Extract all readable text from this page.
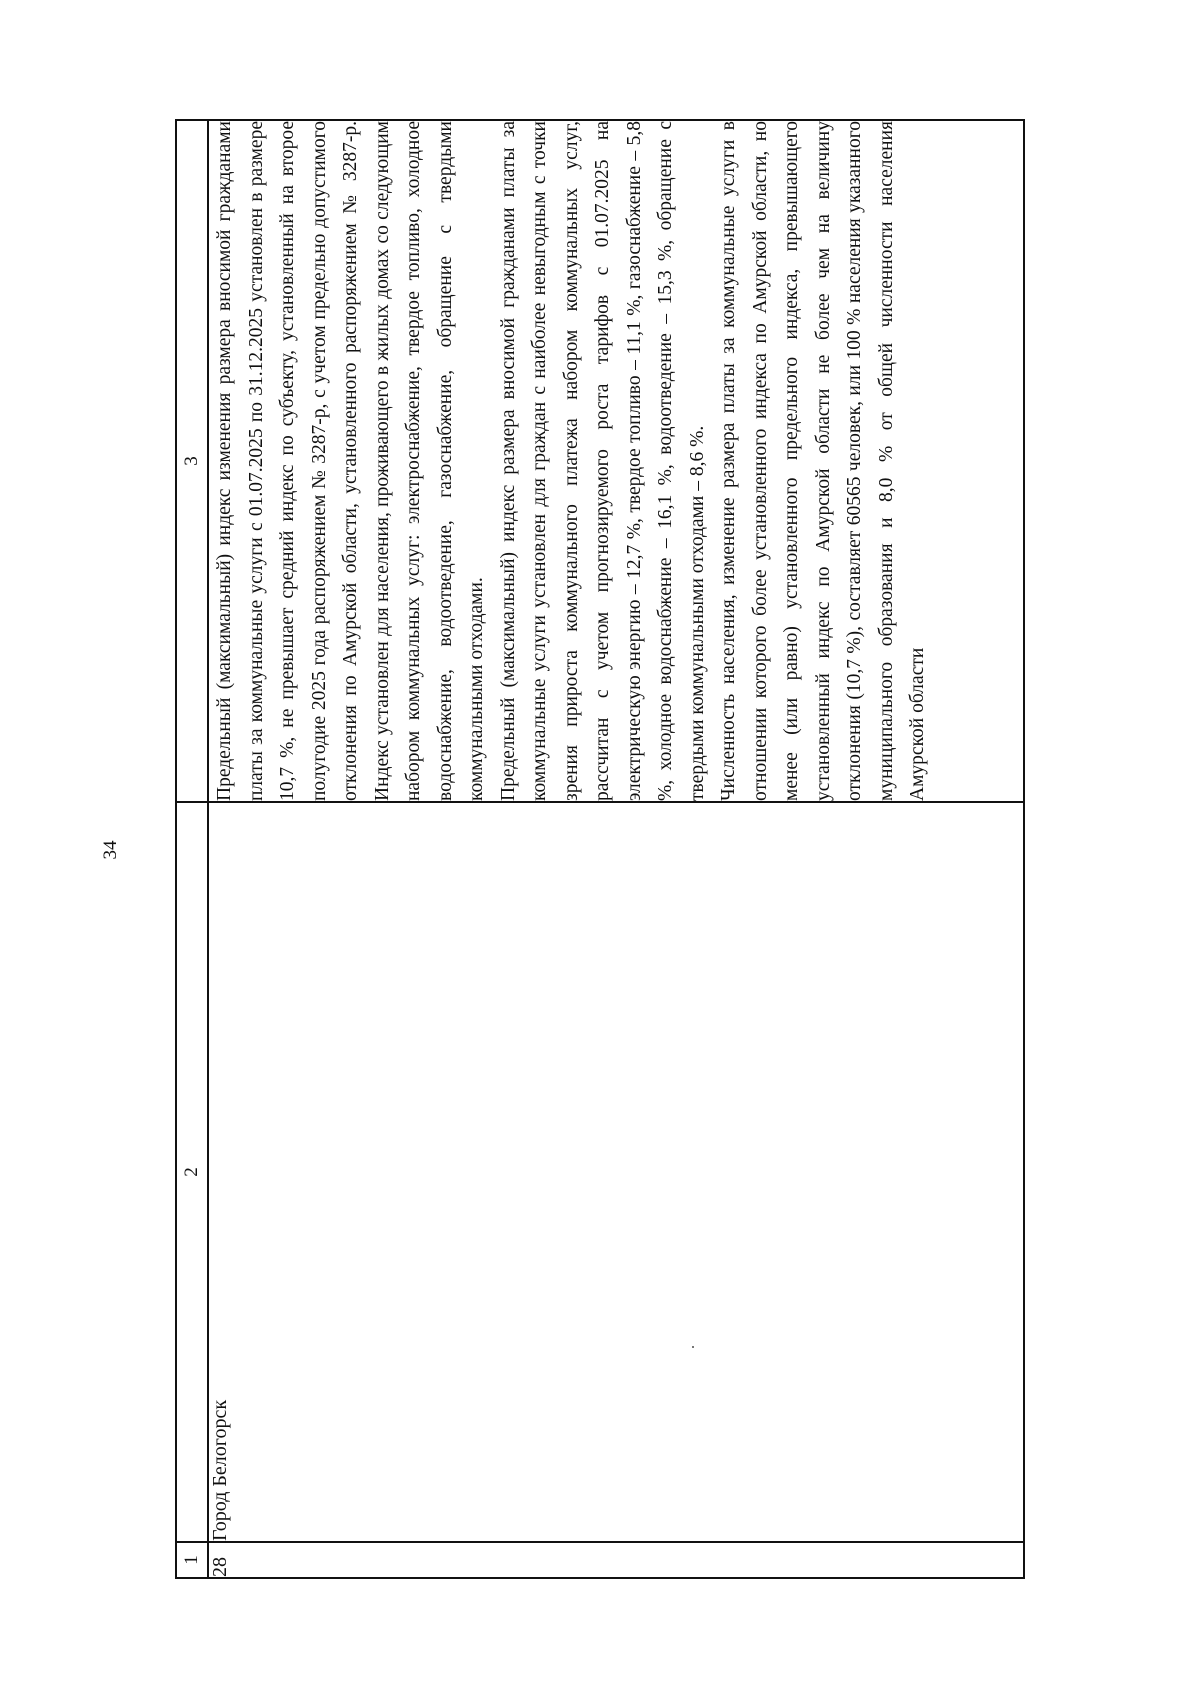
34
1	2	3
28	Город Белогорск	Предельный (максимальный) индекс изменения размера вносимой гражданами платы за коммунальные услуги с 01.07.2025 по 31.12.2025 установлен в размере 10,7 %, не превышает средний индекс по субъекту, установленный на второе полугодие 2025 года распоряжением № 3287-р, с учетом предельно допустимого отклонения по Амурской области, установленного распоряжением № 3287-р. Индекс установлен для населения, проживающего в жилых домах со следующим набором коммунальных услуг: электроснабжение, твердое топливо, холодное водоснабжение, водоотведение, газоснабжение, обращение с твердыми коммунальными отходами. Предельный (максимальный) индекс размера вносимой гражданами платы за коммунальные услуги установлен для граждан с наиболее невыгодным с точки зрения прироста коммунального платежа набором коммунальных услуг, рассчитан с учетом прогнозируемого роста тарифов с 01.07.2025 на электрическую энергию – 12,7 %, твердое топливо – 11,1 %, газоснабжение – 5,8 %, холодное водоснабжение – 16,1 %, водоотведение – 15,3 %, обращение с твердыми коммунальными отходами – 8,6 %. Численность населения, изменение размера платы за коммунальные услуги в отношении которого более установленного индекса по Амурской области, но менее (или равно) установленного предельного индекса, превышающего установленный индекс по Амурской области не более чем на величину отклонения (10,7 %), составляет 60565 человек, или 100 % населения указанного муниципального образования и 8,0 % от общей численности населения Амурской области
